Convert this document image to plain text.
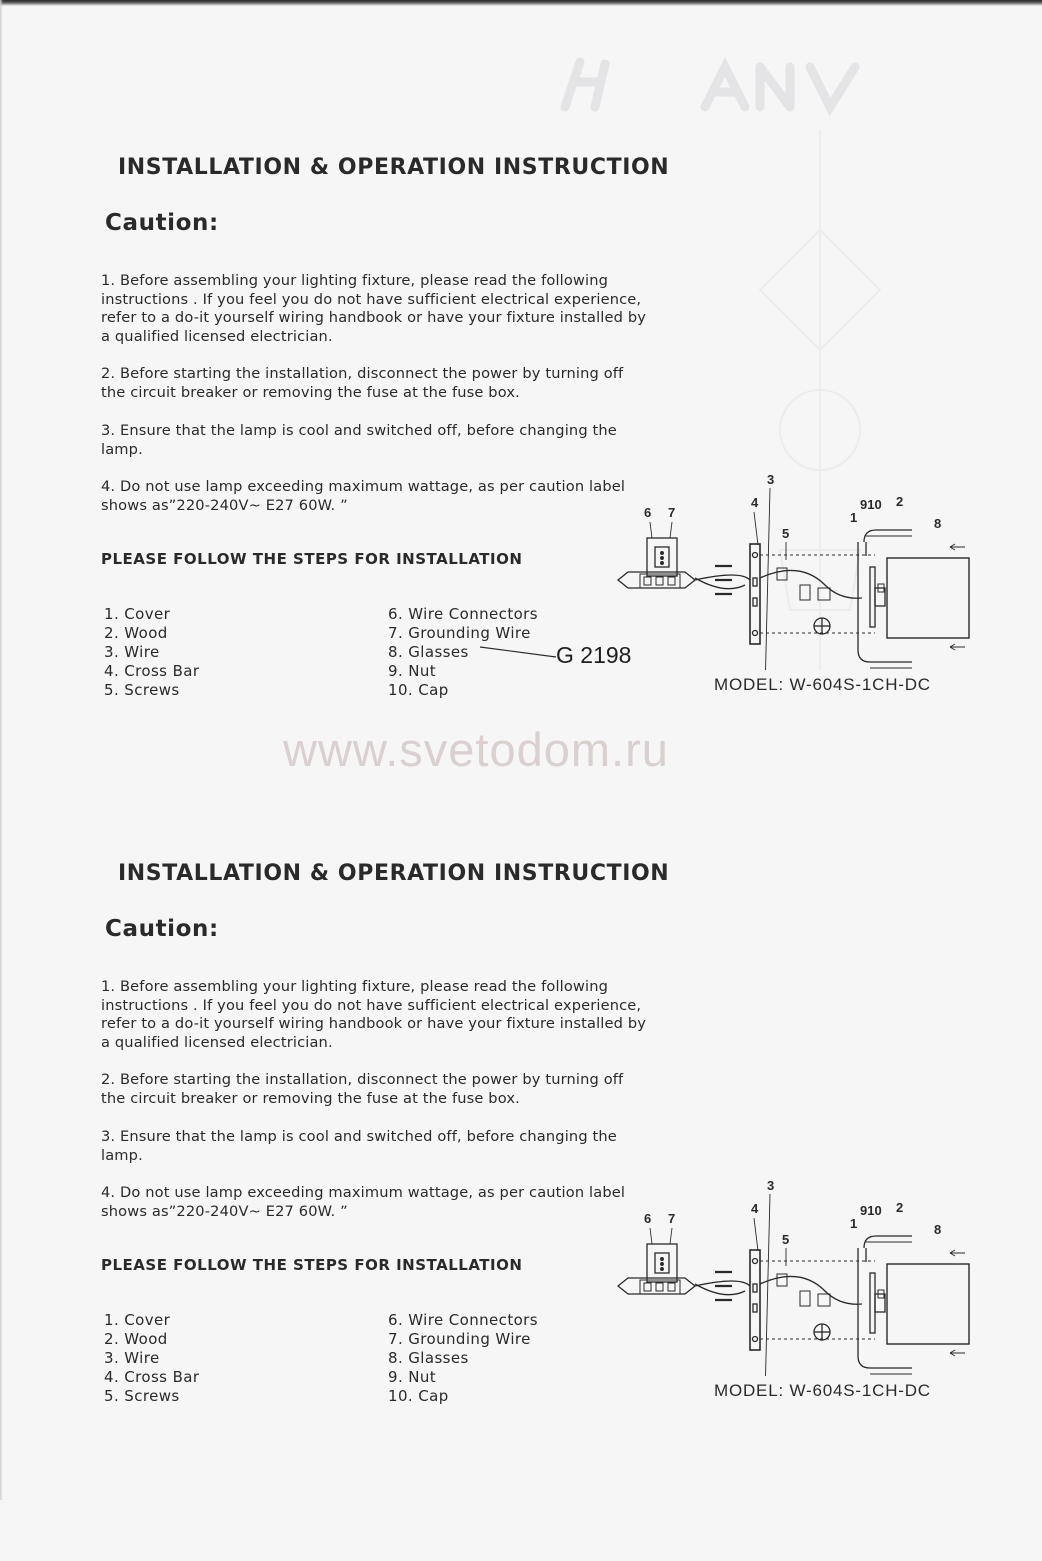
www.svetodom.ru
INSTALLATION & OPERATION INSTRUCTION
Caution:
1. Before assembling your lighting fixture, please read the following
instructions . If you feel you do not have sufficient electrical experience,
refer to a do-it yourself wiring handbook or have your fixture installed by
a qualified licensed electrician.
2. Before starting the installation, disconnect the power by turning off
the circuit breaker or removing the fuse at the fuse box.
3. Ensure that the lamp is cool and switched off, before changing the
lamp.
4. Do not use lamp exceeding maximum wattage, as per caution label
shows asˮ220-240V~ E27 60W. ˮ
PLEASE FOLLOW THE STEPS FOR INSTALLATION
1. Cover
2. Wood
3. Wire
4. Cross Bar
5. Screws
6. Wire Connectors
7. Grounding Wire
8. Glasses
9. Nut
10. Cap
G 2198
3
4	910 2
1
6 7
5
8
MODEL: W-604S-1CH-DC
INSTALLATION & OPERATION INSTRUCTION
Caution:
1. Before assembling your lighting fixture, please read the following
instructions . If you feel you do not have sufficient electrical experience,
refer to a do-it yourself wiring handbook or have your fixture installed by
a qualified licensed electrician.
2. Before starting the installation, disconnect the power by turning off
the circuit breaker or removing the fuse at the fuse box.
3. Ensure that the lamp is cool and switched off, before changing the
lamp.
4. Do not use lamp exceeding maximum wattage, as per caution label
shows asˮ220-240V~ E27 60W. ˮ
PLEASE FOLLOW THE STEPS FOR INSTALLATION
1. Cover
2. Wood
3. Wire
4. Cross Bar
5. Screws
6. Wire Connectors
7. Grounding Wire
8. Glasses
9. Nut
10. Cap
3
4	910 2
1
6 7
5
8
MODEL: W-604S-1CH-DC
